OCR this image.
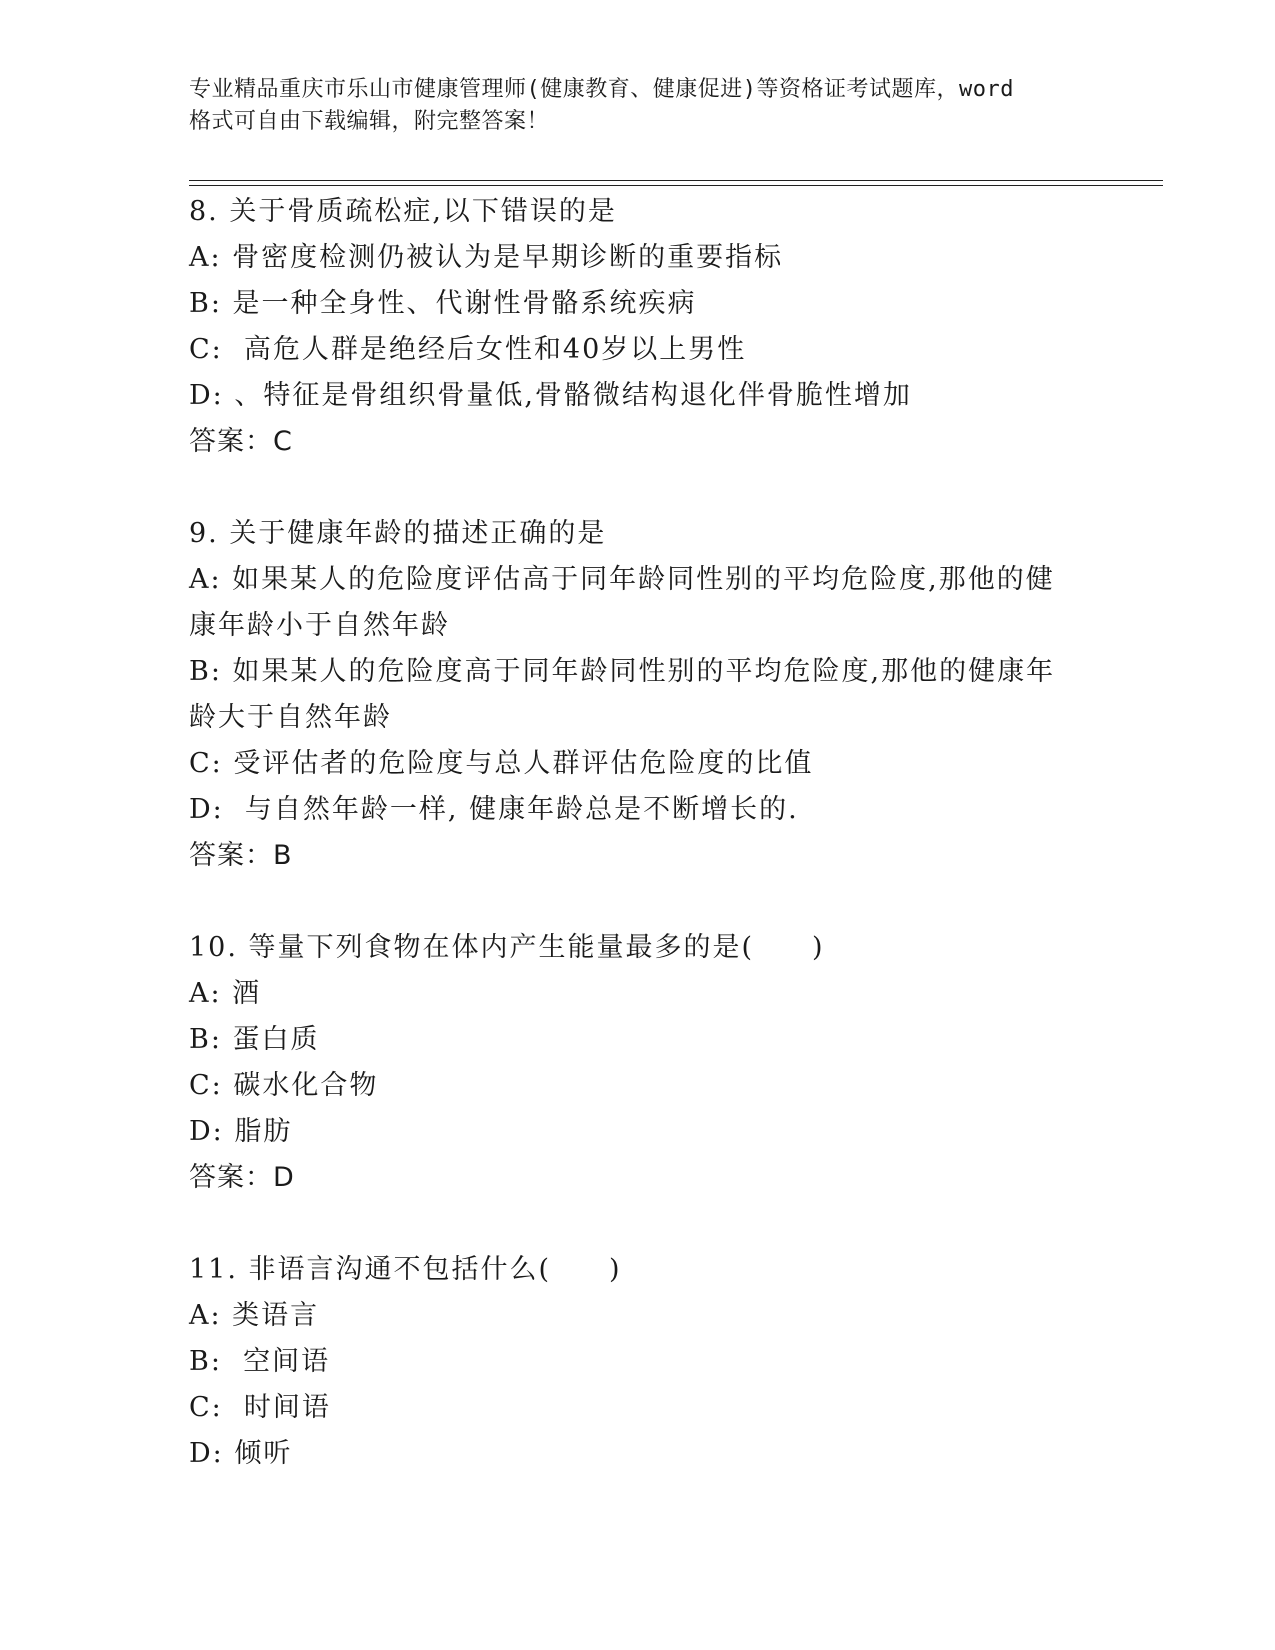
专业精品重庆市乐山市健康管理师(健康教育、健康促进)等资格证考试题库，word
格式可自由下载编辑，附完整答案！
8. 关于骨质疏松症,以下错误的是
A: 骨密度检测仍被认为是早期诊断的重要指标
B: 是一种全身性、代谢性骨骼系统疾病
C:  高危人群是绝经后女性和40岁以上男性
D: 、特征是骨组织骨量低,骨骼微结构退化伴骨脆性增加
答案：C
9. 关于健康年龄的描述正确的是
A: 如果某人的危险度评估高于同年龄同性别的平均危险度,那他的健
康年龄小于自然年龄
B: 如果某人的危险度高于同年龄同性别的平均危险度,那他的健康年
龄大于自然年龄
C: 受评估者的危险度与总人群评估危险度的比值
D:  与自然年龄一样, 健康年龄总是不断增长的.
答案：B
10. 等量下列食物在体内产生能量最多的是(　　)
A: 酒
B: 蛋白质
C: 碳水化合物
D: 脂肪
答案：D
11. 非语言沟通不包括什么(　　)
A: 类语言
B:  空间语
C:  时间语
D: 倾听
